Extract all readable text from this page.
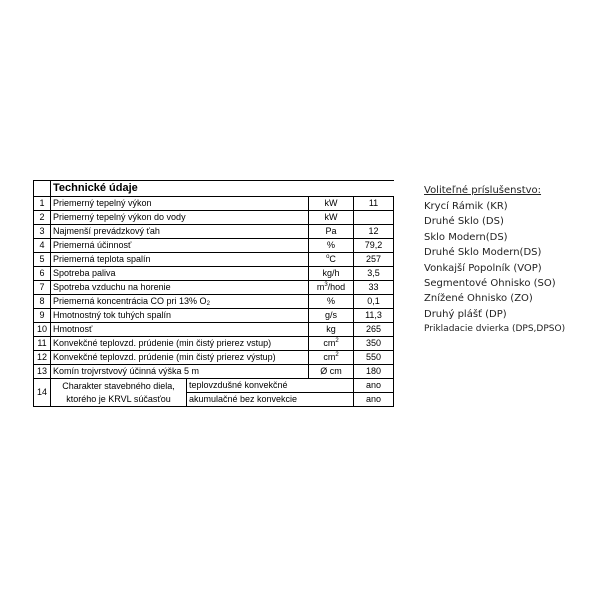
	Technické údaje			
1	Priemerný tepelný výkon		kW	11
2	Priemerný tepelný výkon do vody		kW	
3	Najmenší prevádzkový ťah		Pa	12
4	Priemerná účinnosť		%	79,2
5	Priemerná teplota spalín		$^o$C	257
6	Spotreba paliva		kg/h	3,5
7	Spotreba vzduchu na horenie		$m^3$/hod	33
8	Priemerná koncentrácia CO pri 13% $O_2$		%	0,1
9	Hmotnostný tok tuhých spalín		g/s	11,3
10	Hmotnosť		kg	265
11	Konvekčné teplovzd. prúdenie (min čistý prierez vstup)		$cm^2$	350
12	Konvekčné teplovzd. prúdenie (min čistý prierez výstup)		$cm^2$	550
13	Komín trojvrstvový účinná výška 5 m		Ø cm	180
14	Charakter stavebného diela,
ktorého je KRVL súčasťou	teplovzdušné konvekčné		ano
		akumulačné bez konvekcie		ano
Voliteľné príslušenstvo:
Krycí Rámik (KR)
Druhé Sklo (DS)
Sklo Modern(DS)
Druhé Sklo Modern(DS)
Vonkajší Popolník (VOP)
Segmentové Ohnisko (SO)
Znížené Ohnisko (ZO)
Druhý plášť (DP)
Prikladacie dvierka (DPS,DPSO)
